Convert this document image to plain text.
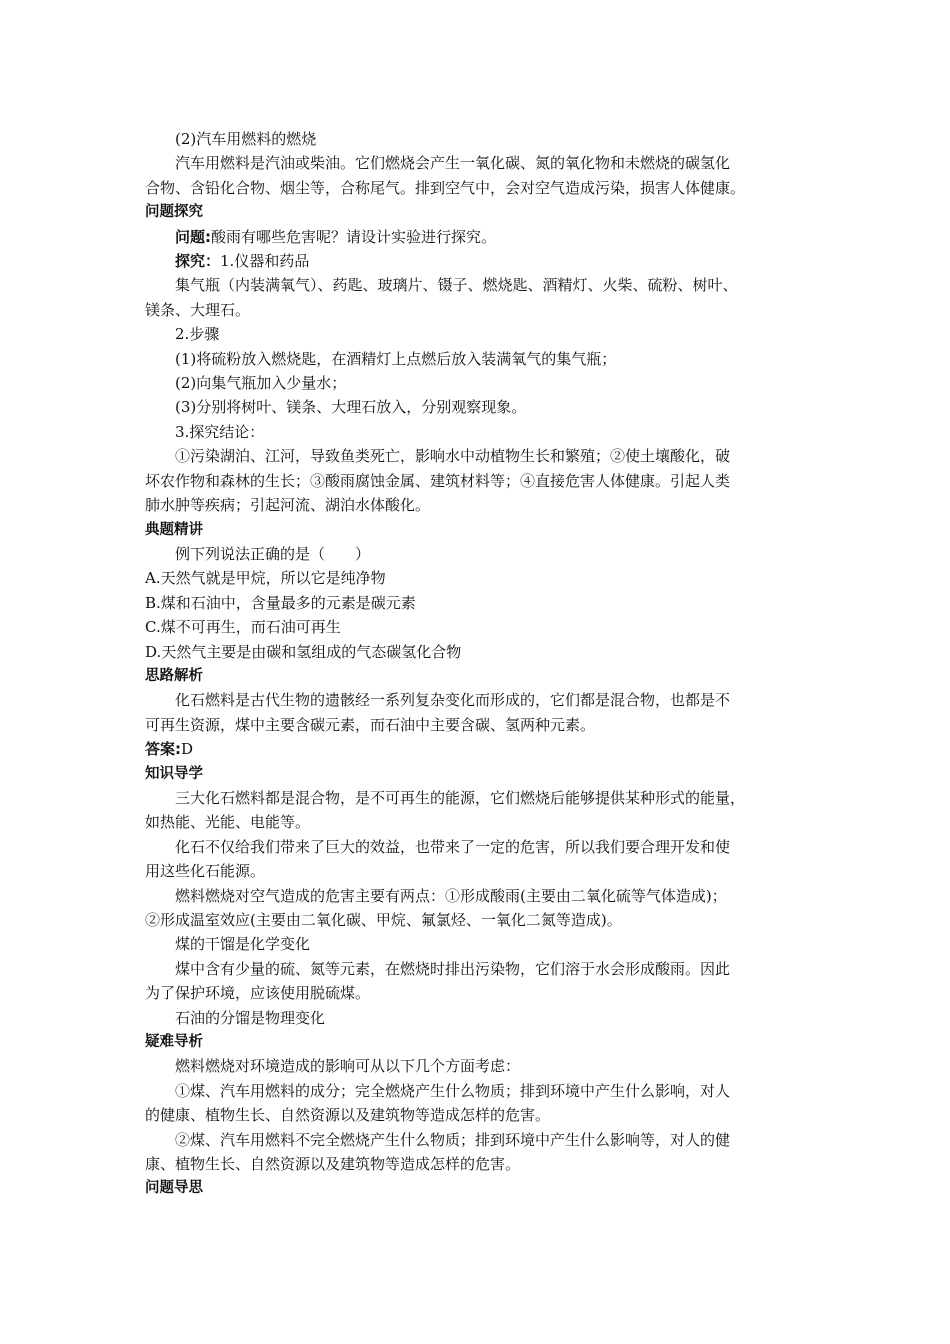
(2)汽车用燃料的燃烧

汽车用燃料是汽油或柴油。它们燃烧会产生一氧化碳、氮的氧化物和未燃烧的碳氢化

合物、含铅化合物、烟尘等，合称尾气。排到空气中，会对空气造成污染，损害人体健康。

问题探究

问题:酸雨有哪些危害呢？请设计实验进行探究。

探究：1.仪器和药品

集气瓶（内装满氧气）、药匙、玻璃片、镊子、燃烧匙、酒精灯、火柴、硫粉、树叶、

镁条、大理石。

2.步骤

(1)将硫粉放入燃烧匙，在酒精灯上点燃后放入装满氧气的集气瓶；

(2)向集气瓶加入少量水；

(3)分别将树叶、镁条、大理石放入，分别观察现象。

3.探究结论：

①污染湖泊、江河，导致鱼类死亡，影响水中动植物生长和繁殖；②使土壤酸化，破

坏农作物和森林的生长；③酸雨腐蚀金属、建筑材料等；④直接危害人体健康。引起人类

肺水肿等疾病；引起河流、湖泊水体酸化。

典题精讲

例下列说法正确的是（　　）

A.天然气就是甲烷，所以它是纯净物

B.煤和石油中，含量最多的元素是碳元素

C.煤不可再生，而石油可再生

D.天然气主要是由碳和氢组成的气态碳氢化合物

思路解析

化石燃料是古代生物的遗骸经一系列复杂变化而形成的，它们都是混合物，也都是不

可再生资源，煤中主要含碳元素，而石油中主要含碳、氢两种元素。

答案:D

知识导学

三大化石燃料都是混合物，是不可再生的能源，它们燃烧后能够提供某种形式的能量，

如热能、光能、电能等。

化石不仅给我们带来了巨大的效益，也带来了一定的危害，所以我们要合理开发和使

用这些化石能源。

燃料燃烧对空气造成的危害主要有两点：①形成酸雨(主要由二氧化硫等气体造成)；

②形成温室效应(主要由二氧化碳、甲烷、氟氯烃、一氧化二氮等造成)。

煤的干馏是化学变化

煤中含有少量的硫、氮等元素，在燃烧时排出污染物，它们溶于水会形成酸雨。因此

为了保护环境，应该使用脱硫煤。

石油的分馏是物理变化

疑难导析

燃料燃烧对环境造成的影响可从以下几个方面考虑：

①煤、汽车用燃料的成分；完全燃烧产生什么物质；排到环境中产生什么影响，对人

的健康、植物生长、自然资源以及建筑物等造成怎样的危害。

②煤、汽车用燃料不完全燃烧产生什么物质；排到环境中产生什么影响等，对人的健

康、植物生长、自然资源以及建筑物等造成怎样的危害。

问题导思
